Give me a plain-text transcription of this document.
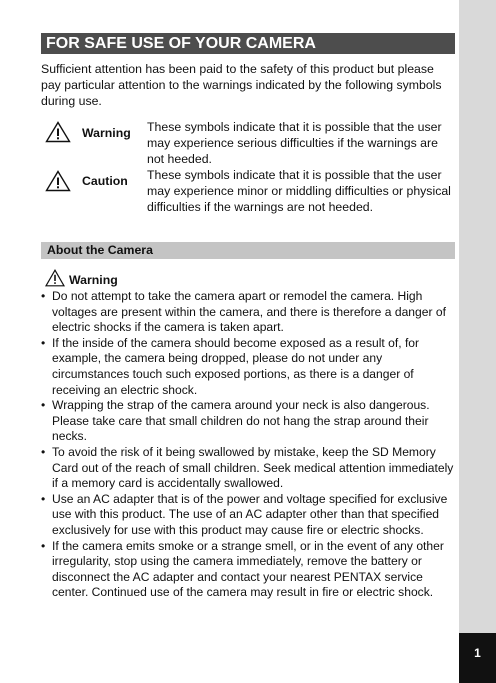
1
FOR SAFE USE OF YOUR CAMERA

Sufficient attention has been paid to the safety of this product but please pay particular attention to the warnings indicated by the following symbols during use.

Warning These symbols indicate that it is possible that the user may experience serious difficulties if the warnings are not heeded.

Caution These symbols indicate that it is possible that the user may experience minor or middling difficulties or physical difficulties if the warnings are not heeded.

About the Camera
Warning
• Do not attempt to take the camera apart or remodel the camera. High voltages are present within the camera, and there is therefore a danger of electric shocks if the camera is taken apart.
• If the inside of the camera should become exposed as a result of, for example, the camera being dropped, please do not under any circumstances touch such exposed portions, as there is a danger of receiving an electric shock.
• Wrapping the strap of the camera around your neck is also dangerous. Please take care that small children do not hang the strap around their necks.
• To avoid the risk of it being swallowed by mistake, keep the SD Memory Card out of the reach of small children. Seek medical attention immediately if a memory card is accidentally swallowed.
• Use an AC adapter that is of the power and voltage specified for exclusive use with this product. The use of an AC adapter other than that specified exclusively for use with this product may cause fire or electric shocks.
• If the camera emits smoke or a strange smell, or in the event of any other irregularity, stop using the camera immediately, remove the battery or disconnect the AC adapter and contact your nearest PENTAX service center. Continued use of the camera may result in fire or electric shock.
